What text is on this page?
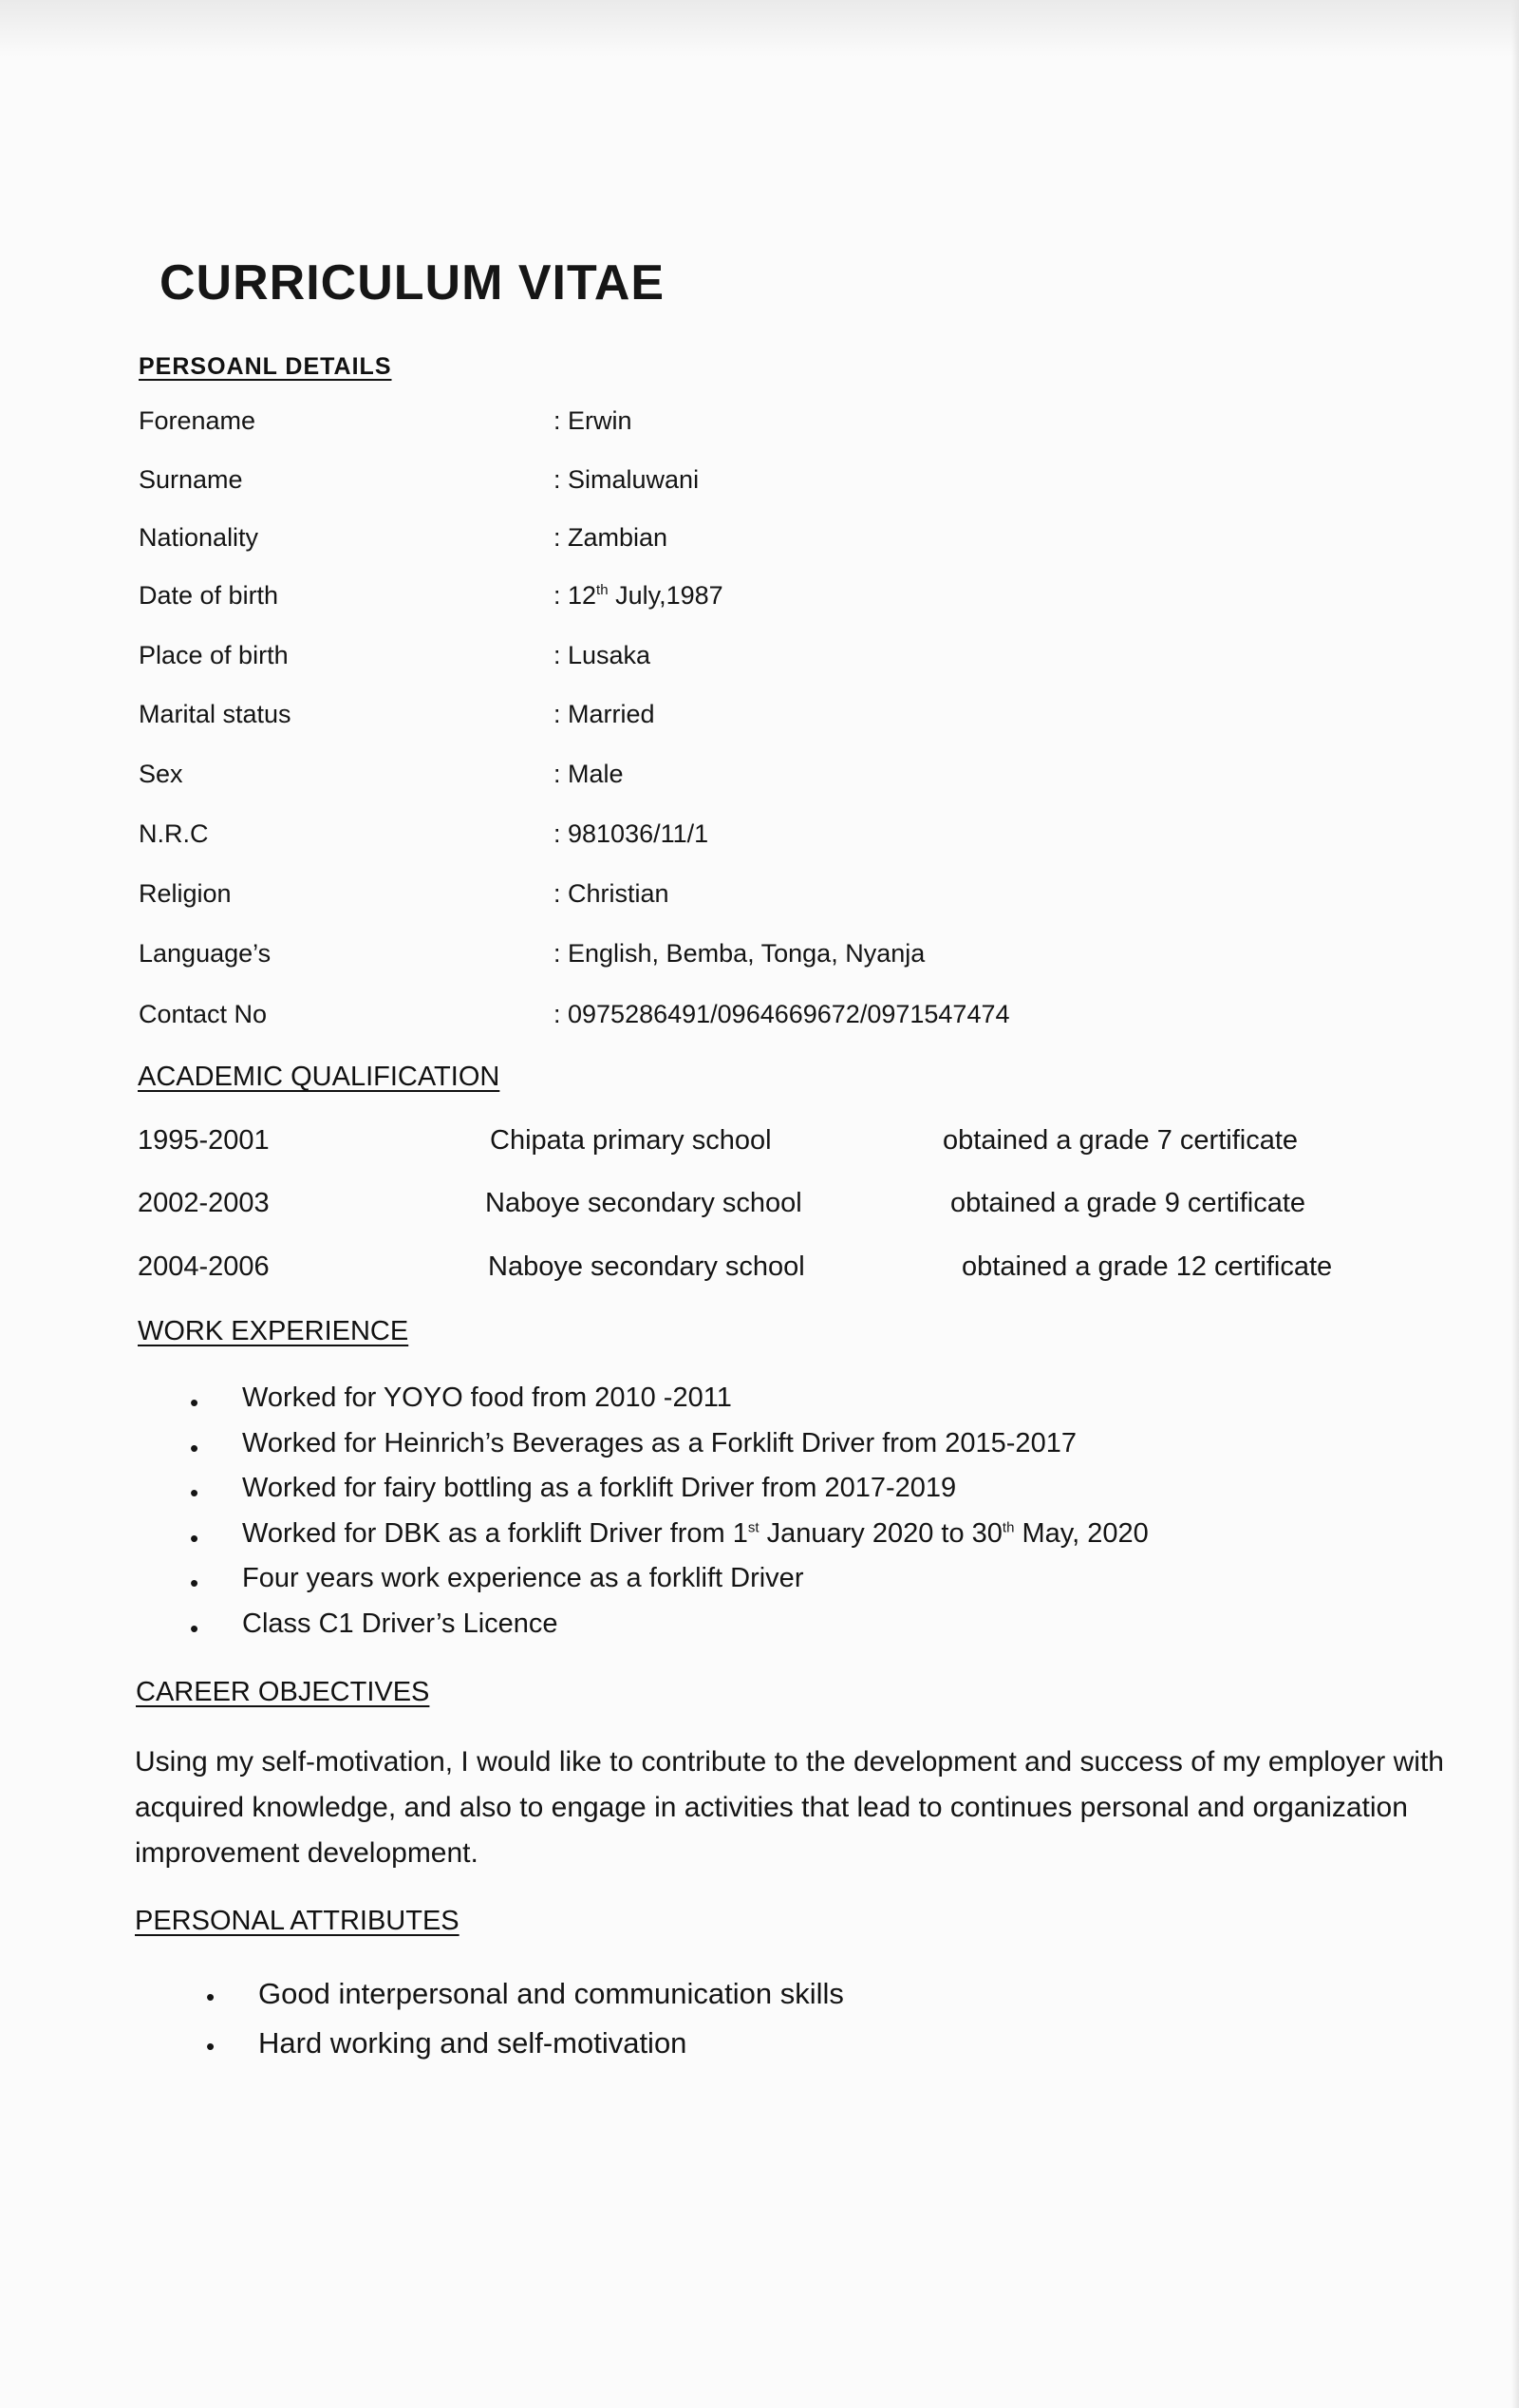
CURRICULUM VITAE
PERSOANL DETAILS
Forename	: Erwin
Surname	: Simaluwani
Nationality	: Zambian
Date of birth	: 12th July,1987
Place of birth	: Lusaka
Marital status	: Married
Sex	: Male
N.R.C	: 981036/11/1
Religion	: Christian
Language’s	: English, Bemba, Tonga, Nyanja
Contact No	: 0975286491/0964669672/0971547474
ACADEMIC QUALIFICATION
1995-2001	Chipata primary school	obtained a grade 7 certificate
2002-2003	Naboye secondary school	obtained a grade 9 certificate
2004-2006	Naboye secondary school	obtained a grade 12 certificate
WORK EXPERIENCE
• Worked for YOYO food from 2010 -2011
• Worked for Heinrich’s Beverages as a Forklift Driver from 2015-2017
• Worked for fairy bottling as a forklift Driver from 2017-2019
• Worked for DBK as a forklift Driver from 1st January 2020 to 30th May, 2020
• Four years work experience as a forklift Driver
• Class C1 Driver’s Licence
CAREER OBJECTIVES

Using my self-motivation, I would like to contribute to the development and success of my employer with acquired knowledge, and also to engage in activities that lead to continues personal and organization improvement development.

PERSONAL ATTRIBUTES
• Good interpersonal and communication skills
• Hard working and self-motivation
